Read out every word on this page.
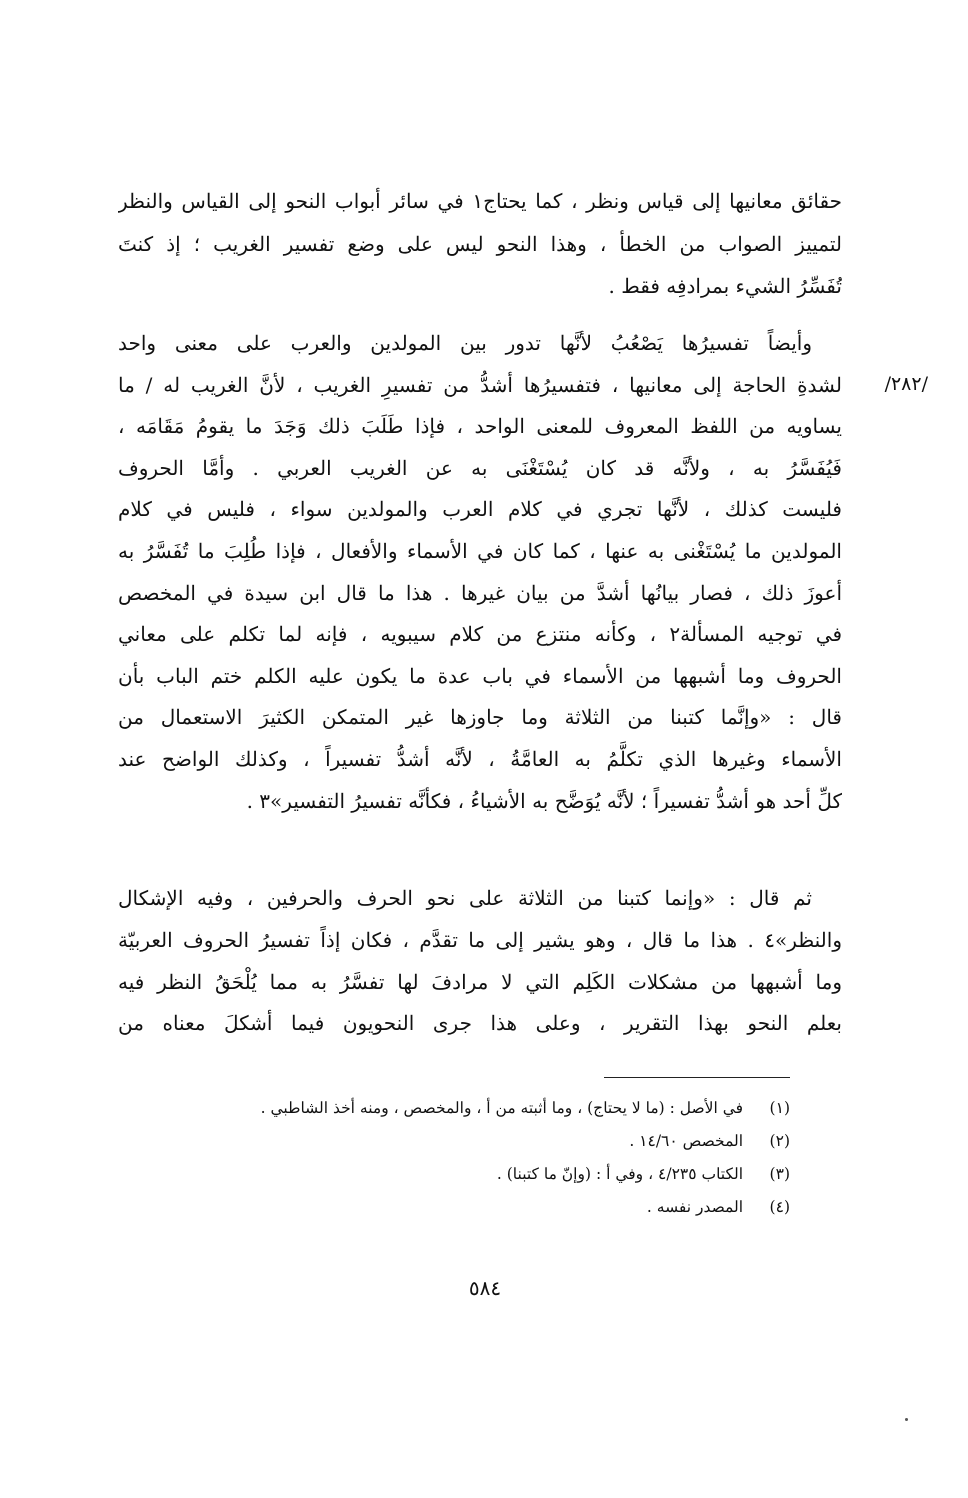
حقائق معانيها إلى قياس ونظر ، كما يحتاج١ في سائر أبواب النحو إلى القياس والنظر
لتمييز الصواب من الخطأ ، وهذا النحو ليس على وضع تفسير الغريب ؛ إذ كنتَ
تُفَسِّرُ الشيء بمرادفِه فقط .
وأيضاً تفسيرُها يَصْعُبُ لأنَّها تدور بين المولدين والعرب على معنى واحد
لشدةِ الحاجة إلى معانيها ، فتفسيرُها أشدُّ من تفسيرِ الغريب ، لأنَّ الغريب له / ما
يساويه من اللفظ المعروف للمعنى الواحد ، فإذا طَلَبَ ذلك وَجَدَ ما يقومُ مَقَامَه ،
فَيُفَسَّرُ به ، ولأنَّه قد كان يُسْتَغْنَى به عن الغريب العربي . وأمَّا الحروف
فليست كذلك ، لأنَّها تجري في كلام العرب والمولدين سواء ، فليس في كلام
المولدين ما يُسْتَغْنى به عنها ، كما كان في الأسماء والأفعال ، فإذا طُلِبَ ما تُفَسَّرُ به
أعوزَ ذلك ، فصار بيانُها أشدَّ من بيان غيرها . هذا ما قال ابن سيدة في المخصص
في توجيه المسألة٢ ، وكأنه منتزع من كلام سيبويه ، فإنه لما تكلم على معاني
الحروف وما أشبهها من الأسماء في باب عدة ما يكون عليه الكلم ختم الباب بأن
قال : «وإنَّما كتبنا من الثلاثة وما جاوزها غير المتمكن الكثيرَ الاستعمال من
الأسماء وغيرها الذي تكلَّمُ به العامَّةُ ، لأنَّه أشدُّ تفسيراً ، وكذلك الواضح عند
كلِّ أحد هو أشدُّ تفسيراً ؛ لأنَّه يُوَضَّح به الأشياءُ ، فكأنَّه تفسيرُ التفسير»٣ .
/٢٨٢/
ثم قال : «وإنما كتبنا من الثلاثة على نحو الحرف والحرفين ، وفيه الإشكال
والنظر»٤ . هذا ما قال ، وهو يشير إلى ما تقدَّم ، فكان إذاً تفسيرُ الحروف العربيّة
وما أشبهها من مشكلات الكَلِم التي لا مرادفَ لها تفسَّرُ به مما يُلْحَقُ النظر فيه
بعلم النحو بهذا التقرير ، وعلى هذا جرى النحويون فيما أشكلَ معناه من
(١) في الأصل : (ما لا يحتاج) ، وما أثبته من أ ، والمخصص ، ومنه أخذ الشاطبي .
(٢) المخصص ١٤/٦٠ .
(٣) الكتاب ٤/٢٣٥ ، وفي أ : (وإنّ ما كتبنا) .
(٤) المصدر نفسه .
٥٨٤
